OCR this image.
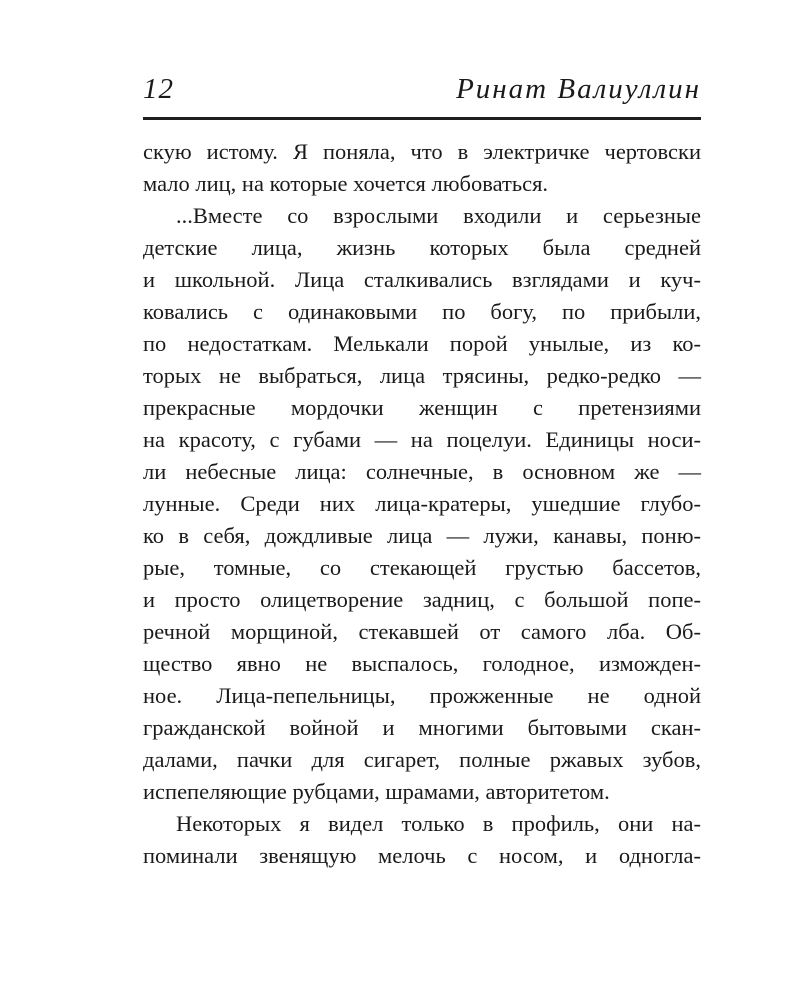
12	Ринат Валиуллин
скую истому. Я поняла, что в электричке чертовски
мало лиц, на которые хочется любоваться.
...Вместе со взрослыми входили и серьезные
детские лица, жизнь которых была средней
и школьной. Лица сталкивались взглядами и куч-
ковались с одинаковыми по богу, по прибыли,
по недостаткам. Мелькали порой унылые, из ко-
торых не выбраться, лица трясины, редко-редко —
прекрасные мордочки женщин с претензиями
на красоту, с губами — на поцелуи. Единицы носи-
ли небесные лица: солнечные, в основном же —
лунные. Среди них лица-кратеры, ушедшие глубо-
ко в себя, дождливые лица — лужи, канавы, поню-
рые, томные, со стекающей грустью бассетов,
и просто олицетворение задниц, с большой попе-
речной морщиной, стекавшей от самого лба. Об-
щество явно не выспалось, голодное, изможден-
ное. Лица-пепельницы, прожженные не одной
гражданской войной и многими бытовыми скан-
далами, пачки для сигарет, полные ржавых зубов,
испепеляющие рубцами, шрамами, авторитетом.
Некоторых я видел только в профиль, они на-
поминали звенящую мелочь с носом, и одногла-
